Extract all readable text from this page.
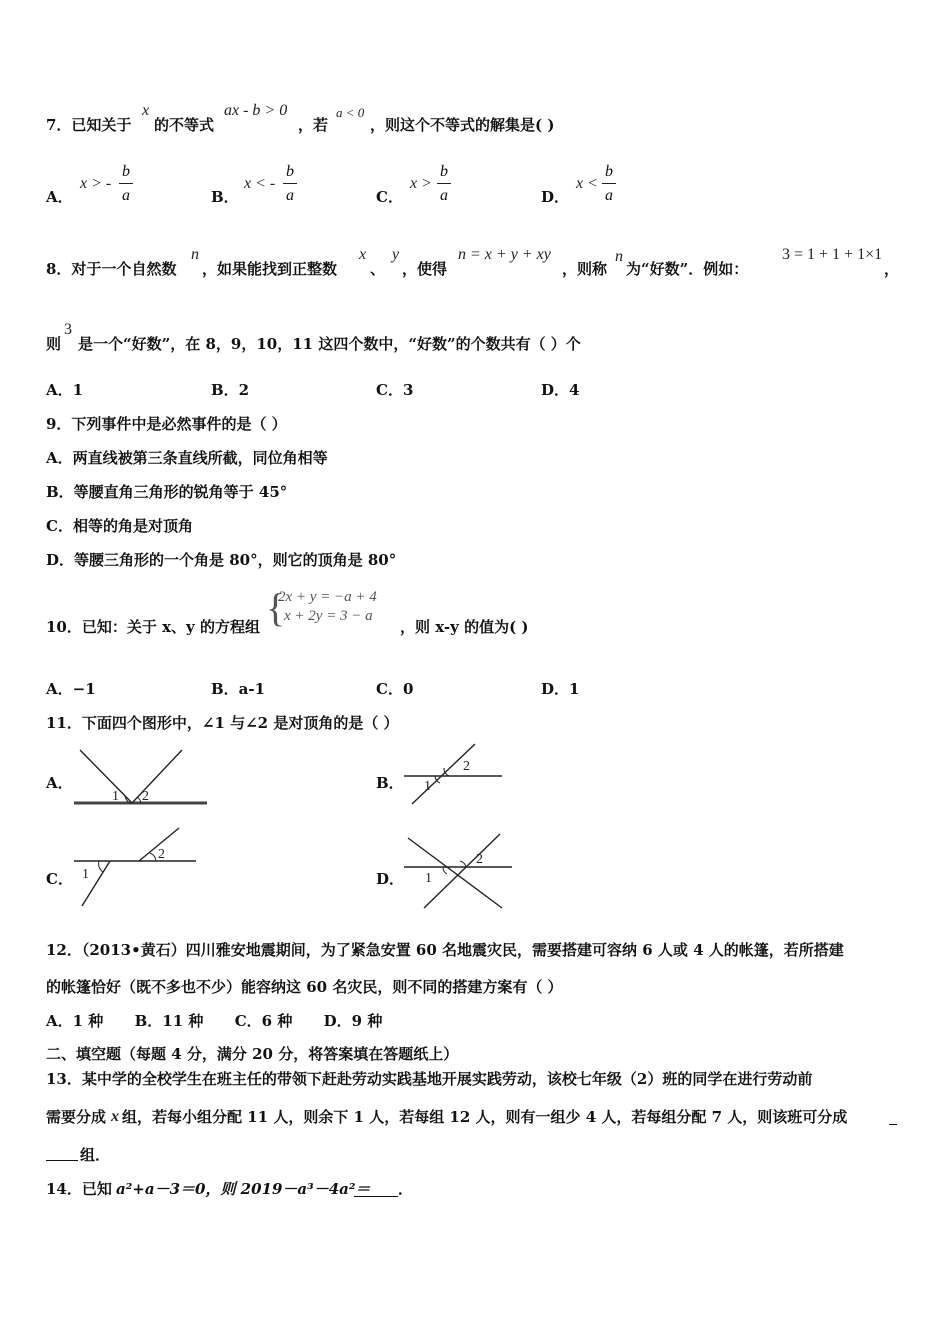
7．已知关于
x
的不等式
ax - b > 0
，若
a < 0
，则这个不等式的解集是( )
A．
x > -
b
a	B．
x < -
b
a	C．
x >
b
a	D．
x <
b
a
8．对于一个自然数
n
，如果能找到正整数
x
、
y
，使得
n = x + y + xy
，则称
n
为“好数”．例如：
3 = 1 + 1 + 1×1
，
则
3
是一个“好数”，在 8，9，10，11 这四个数中，“好数”的个数共有（ ）个
A．1	B．2	C．3	D．4
9．下列事件中是必然事件的是（ ）
A．两直线被第三条直线所截，同位角相等
B．等腰直角三角形的锐角等于 45°
C．相等的角是对顶角
D．等腰三角形的一个角是 80°，则它的顶角是 80°
10．已知：关于 x、y 的方程组 {
2x + y = −a + 4
x + 2y = 3 − a
，则 x-y 的值为( )
A．−1	B．a-1	C．0	D．1
11．下面四个图形中，∠1 与∠2 是对顶角的是（ ）
A．
1 2
B． 1
2
C． 1
2
D． 1
2
12．（2013•黄石）四川雅安地震期间，为了紧急安置 60 名地震灾民，需要搭建可容纳 6 人或 4 人的帐篷，若所搭建
的帐篷恰好（既不多也不少）能容纳这 60 名灾民，则不同的搭建方案有（ ）
A．1 种      B．11 种      C．6 种      D．9 种
二、填空题（每题 4 分，满分 20 分，将答案填在答题纸上）
13．某中学的全校学生在班主任的带领下赶赴劳动实践基地开展实践劳动，该校七年级（2）班的同学在进行劳动前
需要分成 x 组，若每小组分配 11 人，则余下 1 人，若每组 12 人，则有一组少 4 人，若每组分配 7 人，则该班可分成
组．
14．已知 a²+a－3＝0，则 2019－a³－4a²＝ ．
